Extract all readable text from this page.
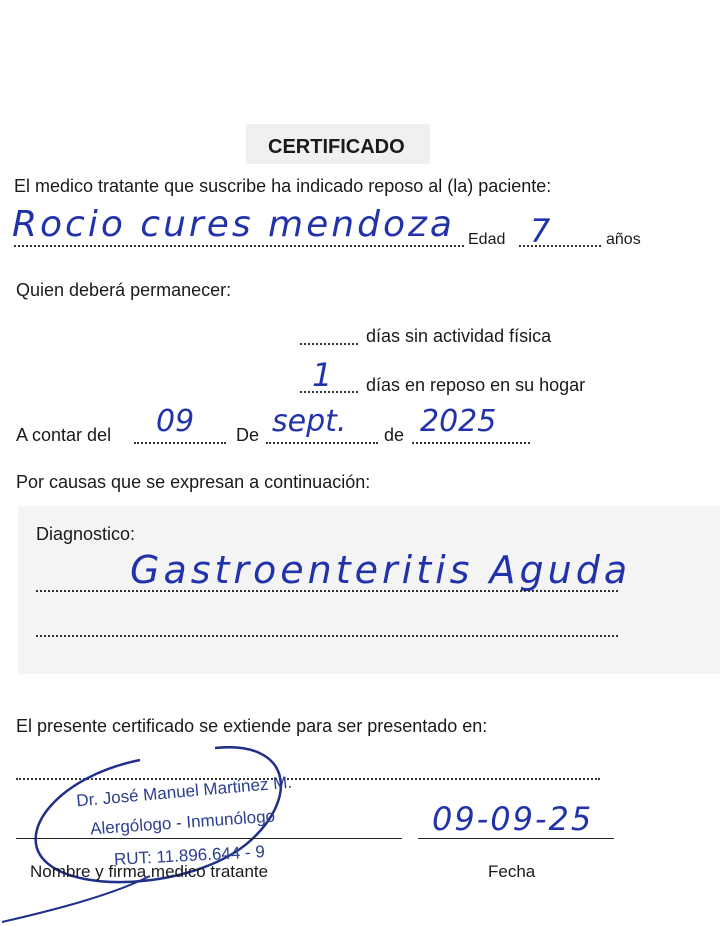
CERTIFICADO
El medico tratante que suscribe ha indicado reposo al (la) paciente:
Rocio cures mendoza Edad 7	años
Quien deberá permanecer:
días sin actividad física
1 días en reposo en su hogar
A contar del 09 De sept. de 2025
Por causas que se expresan a continuación:
Diagnostico:
Gastroenteritis Aguda
El presente certificado se extiende para ser presentado en:
Dr. José Manuel Martinez M.
Alergólogo - Inmunólogo
RUT: 11.896.644 - 9
Nombre y firma medico tratante
09-09-25
Fecha
